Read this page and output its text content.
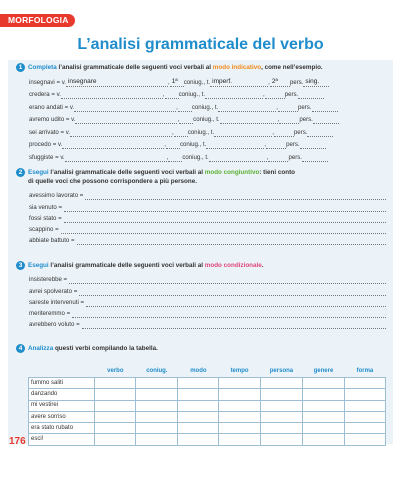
MORFOLOGIA
L’analisi grammaticale del verbo
1 Completa l’analisi grammaticale delle seguenti voci verbali al modo indicativo, come nell’esempio.
insegnavi = v. insegnare	, 1ª coniug., t. imperf.	, 2ª pers. sing.
credera = v.	, coniug., t.	,	pers.
erano andati = v.	, coniug., t.	,	pers.
avremo udito = v.	, coniug., t.	,	pers.
sei arrivato = v.	, coniug., t.	,	pers.
procedo = v.	, coniug., t.	,	pers.
sfuggiste = v.	, coniug., t.	,	pers.
2 Esegui l’analisi grammaticale delle seguenti voci verbali al modo congiuntivo: tieni conto
di quelle voci che possono corrispondere a più persone.
avessimo lavorato =
sia venuto =
fossi stato =
scappino =
abbiate battuto =
3 Esegui l’analisi grammaticale delle seguenti voci verbali al modo condizionale.
insisterebbe =
avrei spolverato =
sareste intervenuti =
meriteremmo =
avrebbero voluto =
4 Analizza questi verbi compilando la tabella.
	verbo	coniug.	modo	tempo	persona	genere	forma
fummo saliti							
danzando							
mi vestirei							
avere sorriso							
era stato rubato							
esci!							
176
